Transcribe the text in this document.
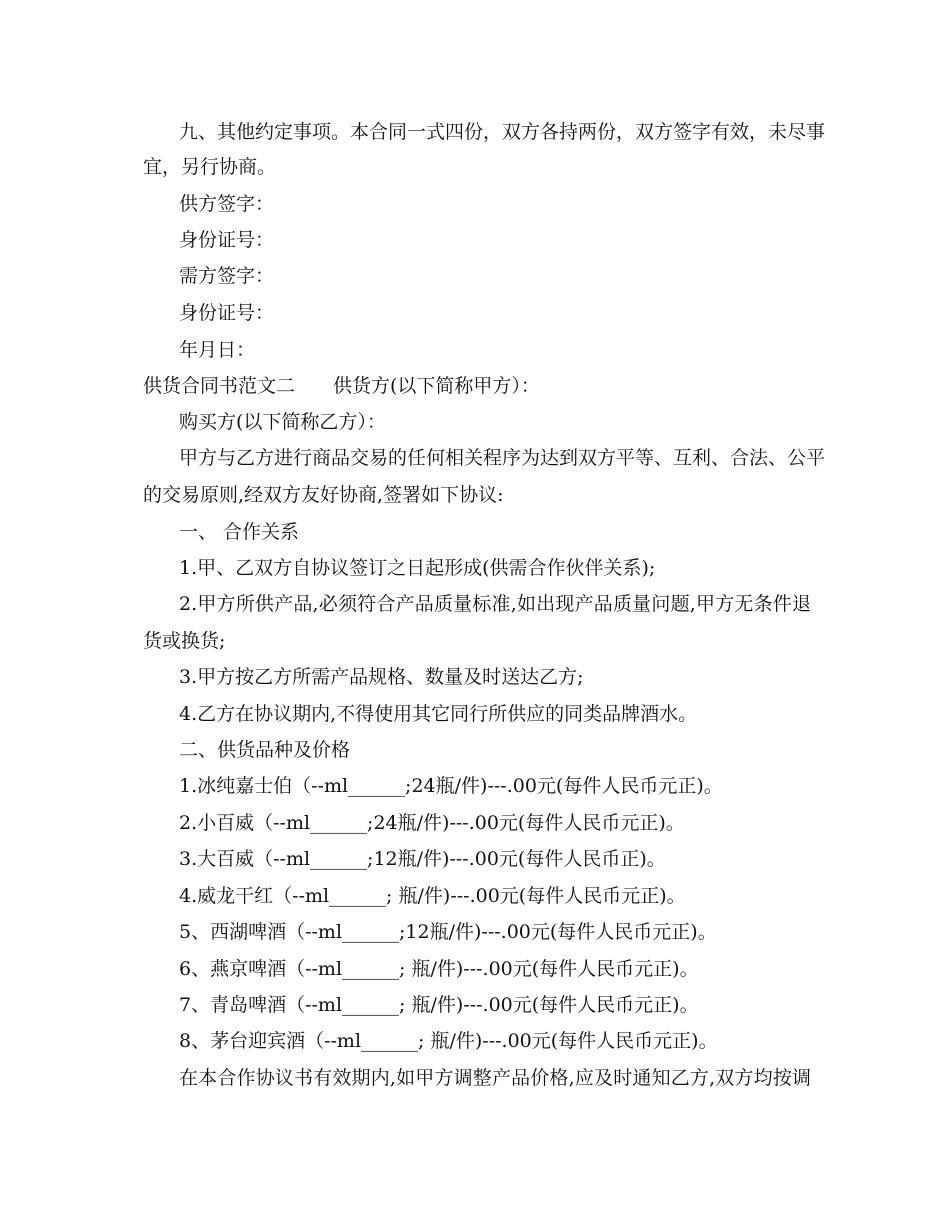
九、其他约定事项。本合同一式四份，双方各持两份，双方签字有效，未尽事
宜，另行协商。
供方签字：
身份证号：
需方签字：
身份证号：
年月日：
供货合同书范文二　　供货方(以下简称甲方）：
购买方(以下简称乙方）：
甲方与乙方进行商品交易的任何相关程序为达到双方平等、互利、合法、公平
的交易原则,经双方友好协商,签署如下协议:
一、 合作关系
1.甲、乙双方自协议签订之日起形成(供需合作伙伴关系);
2.甲方所供产品,必须符合产品质量标准,如出现产品质量问题,甲方无条件退
货或换货;
3.甲方按乙方所需产品规格、数量及时送达乙方;
4.乙方在协议期内,不得使用其它同行所供应的同类品牌酒水。
二、供货品种及价格
1.冰纯嘉士伯（--ml______;24瓶/件)---.00元(每件人民币元正)。
2.小百威（--ml______;24瓶/件)---.00元(每件人民币元正)。
3.大百威（--ml______;12瓶/件)---.00元(每件人民币正)。
4.威龙干红（--ml______; 瓶/件)---.00元(每件人民币元正)。
5、西湖啤酒（--ml______;12瓶/件)---.00元(每件人民币元正)。
6、燕京啤酒（--ml______; 瓶/件)---.00元(每件人民币元正)。
7、青岛啤酒（--ml______; 瓶/件)---.00元(每件人民币元正)。
8、茅台迎宾酒（--ml______; 瓶/件)---.00元(每件人民币元正)。
在本合作协议书有效期内,如甲方调整产品价格,应及时通知乙方,双方均按调
